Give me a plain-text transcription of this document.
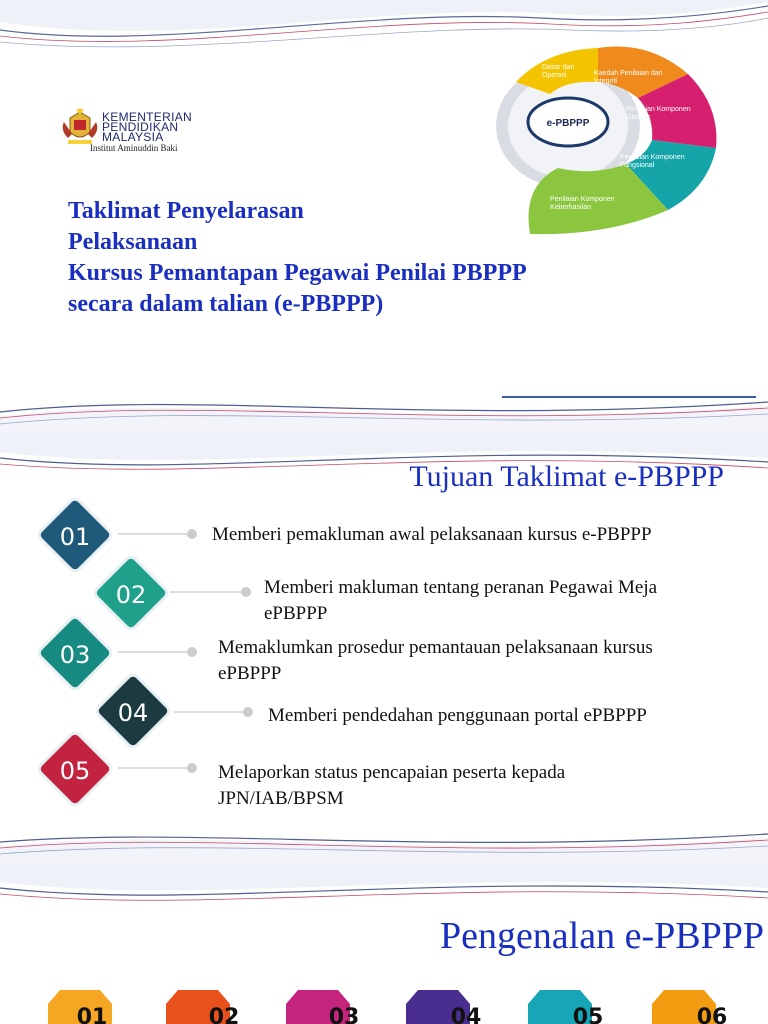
KEMENTERIAN
PENDIDIKAN
MALAYSIA
Institut Aminuddin Baki
Taklimat Penyelarasan
Pelaksanaan
Kursus Pemantapan Pegawai Penilai PBPPP
secara dalam talian (e-PBPPP)
e-PBPPP
Dasar dan Operasi	Kaedah Penilaian dan Integriti
Penilaian Komponen Generik
Penilaian Komponen Fungsional
Penilaian Komponen Keberhasilan
Tujuan Taklimat e-PBPPP
01
02
03
04
05
Memberi pemakluman awal pelaksanaan kursus e-PBPPP
Memberi makluman tentang peranan Pegawai Meja
ePBPPP
Memaklumkan prosedur pemantauan pelaksanaan kursus
ePBPPP
Memberi pendedahan penggunaan portal ePBPPP
Melaporkan status pencapaian peserta kepada
JPN/IAB/BPSM
Pengenalan e-PBPPP
01	02	03	04	05	06
